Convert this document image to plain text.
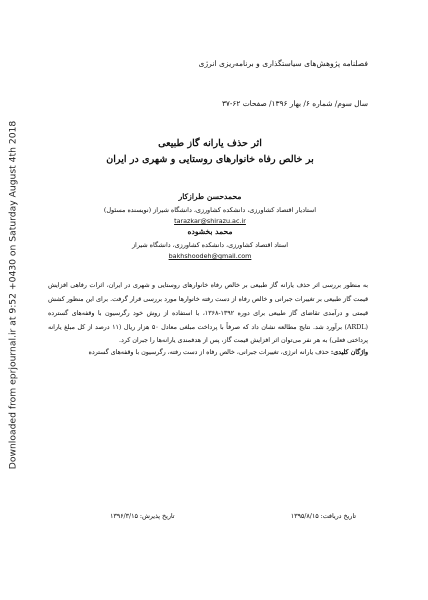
Downloaded from eprjournal.ir at 9:52 +0430 on Saturday August 4th 2018
فصلنامه پژوهش‌های سیاستگذاری و برنامه‌ریزی انرژی
سال سوم/ شماره ۶/ بهار ۱۳۹۶/ صفحات ۶۲-۳۷
اثر حذف یارانه گاز طبیعی
بر خالص رفاه خانوارهای روستایی و شهری در ایران
محمدحسن طرازکار
استادیار اقتصاد کشاورزی، دانشکده کشاورزی، دانشگاه شیراز (نویسنده مسئول)
tarazkar@shirazu.ac.ir
محمد بخشوده
استاد اقتصاد کشاورزی، دانشکده کشاورزی، دانشگاه شیراز
bakhshoodeh@gmail.com

به منظور بررسی اثر حذف یارانه گاز طبیعی بر خالص رفاه خانوارهای روستایی و شهری در ایران، اثرات رفاهی افزایش قیمت گاز طبیعی بر تغییرات جبرانی و خالص رفاه از دست رفته خانوارها مورد بررسی قرار گرفت. برای این منظور کشش قیمتی و درآمدی تقاضای گاز طبیعی برای دوره ۱۳۹۲-۱۳۶۸، با استفاده از روش خود رگرسیون با وقفه‌های گسترده (ARDL) برآورد شد. نتایج مطالعه نشان داد که صرفاً با پرداخت مبلغی معادل ۵۰ هزار ریال (۱۱ درصد از کل مبلغ یارانه پرداختی فعلی) به هر نفر می‌توان اثر افزایش قیمت گاز، پس از هدفمندی یارانه‌ها را جبران کرد.

واژگان کلیدی: حذف یارانه انرژی، تغییرات جبرانی، خالص رفاه از دست رفته، رگرسیون با وقفه‌های گسترده

تاریخ دریافت: ۱۳۹۵/۸/۱۵
تاریخ پذیرش: ۱۳۹۶/۳/۱۵
